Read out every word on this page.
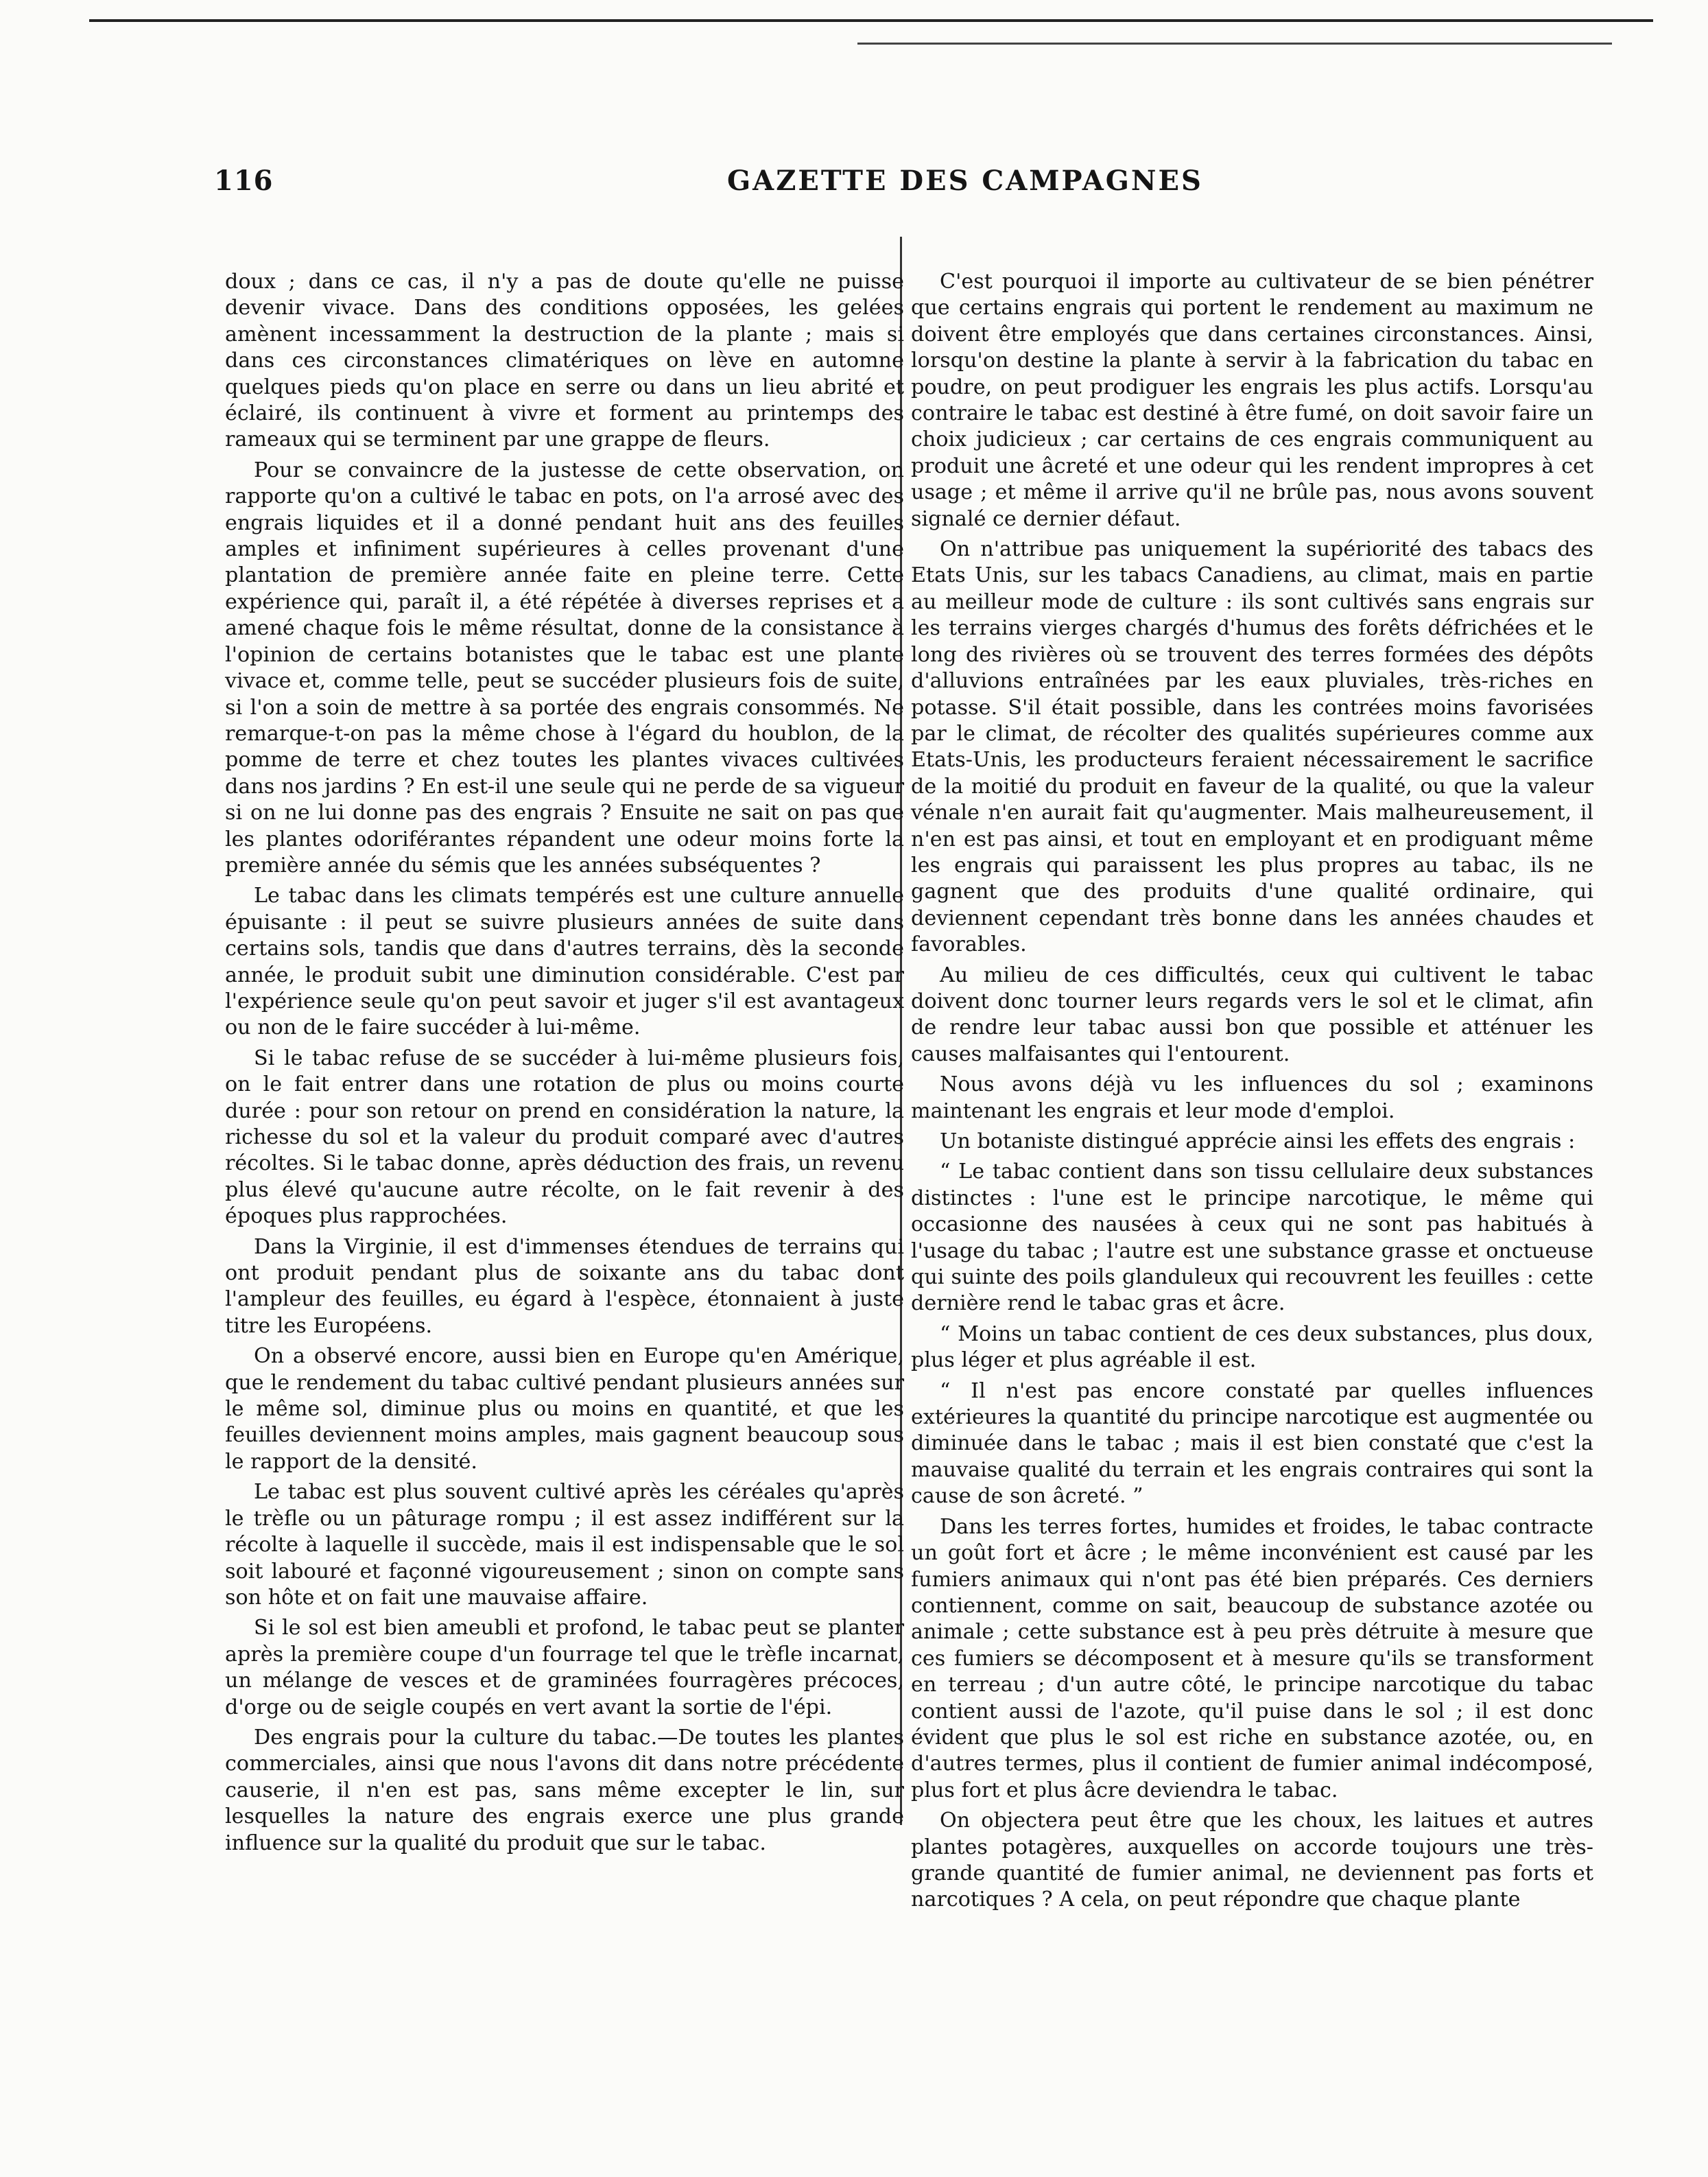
116	GAZETTE DES CAMPAGNES

doux ; dans ce cas, il n'y a pas de doute qu'elle ne puisse devenir vivace. Dans des conditions opposées, les gelées amènent incessamment la destruction de la plante ; mais si dans ces circonstances climatériques on lève en automne quelques pieds qu'on place en serre ou dans un lieu abrité et éclairé, ils continuent à vivre et forment au printemps des rameaux qui se terminent par une grappe de fleurs.

Pour se convaincre de la justesse de cette observation, on rapporte qu'on a cultivé le tabac en pots, on l'a arrosé avec des engrais liquides et il a donné pendant huit ans des feuilles amples et infiniment supérieures à celles provenant d'une plantation de première année faite en pleine terre. Cette expérience qui, paraît il, a été répétée à diverses reprises et a amené chaque fois le même résultat, donne de la consistance à l'opinion de certains botanistes que le tabac est une plante vivace et, comme telle, peut se succéder plusieurs fois de suite, si l'on a soin de mettre à sa portée des engrais consommés. Ne remarque-t-on pas la même chose à l'égard du houblon, de la pomme de terre et chez toutes les plantes vivaces cultivées dans nos jardins ? En est-il une seule qui ne perde de sa vigueur si on ne lui donne pas des engrais ? Ensuite ne sait on pas que les plantes odoriférantes répandent une odeur moins forte la première année du sémis que les années subséquentes ?

Le tabac dans les climats tempérés est une culture annuelle épuisante : il peut se suivre plusieurs années de suite dans certains sols, tandis que dans d'autres terrains, dès la seconde année, le produit subit une diminution considérable. C'est par l'expérience seule qu'on peut savoir et juger s'il est avantageux ou non de le faire succéder à lui-même.

Si le tabac refuse de se succéder à lui-même plusieurs fois, on le fait entrer dans une rotation de plus ou moins courte durée : pour son retour on prend en considération la nature, la richesse du sol et la valeur du produit comparé avec d'autres récoltes. Si le tabac donne, après déduction des frais, un revenu plus élevé qu'aucune autre récolte, on le fait revenir à des époques plus rapprochées.

Dans la Virginie, il est d'immenses étendues de terrains qui ont produit pendant plus de soixante ans du tabac dont l'ampleur des feuilles, eu égard à l'espèce, étonnaient à juste titre les Européens.

On a observé encore, aussi bien en Europe qu'en Amérique, que le rendement du tabac cultivé pendant plusieurs années sur le même sol, diminue plus ou moins en quantité, et que les feuilles deviennent moins amples, mais gagnent beaucoup sous le rapport de la densité.

Le tabac est plus souvent cultivé après les céréales qu'après le trèfle ou un pâturage rompu ; il est assez indifférent sur la récolte à laquelle il succède, mais il est indispensable que le sol soit labouré et façonné vigoureusement ; sinon on compte sans son hôte et on fait une mauvaise affaire.

Si le sol est bien ameubli et profond, le tabac peut se planter après la première coupe d'un fourrage tel que le trèfle incarnat, un mélange de vesces et de graminées fourragères précoces, d'orge ou de seigle coupés en vert avant la sortie de l'épi.

Des engrais pour la culture du tabac.—De toutes les plantes commerciales, ainsi que nous l'avons dit dans notre précédente causerie, il n'en est pas, sans même excepter le lin, sur lesquelles la nature des engrais exerce une plus grande influence sur la qualité du produit que sur le tabac.

C'est pourquoi il importe au cultivateur de se bien pénétrer que certains engrais qui portent le rendement au maximum ne doivent être employés que dans certaines circonstances. Ainsi, lorsqu'on destine la plante à servir à la fabrication du tabac en poudre, on peut prodiguer les engrais les plus actifs. Lorsqu'au contraire le tabac est destiné à être fumé, on doit savoir faire un choix judicieux ; car certains de ces engrais communiquent au produit une âcreté et une odeur qui les rendent impropres à cet usage ; et même il arrive qu'il ne brûle pas, nous avons souvent signalé ce dernier défaut.

On n'attribue pas uniquement la supériorité des tabacs des Etats Unis, sur les tabacs Canadiens, au climat, mais en partie au meilleur mode de culture : ils sont cultivés sans engrais sur les terrains vierges chargés d'humus des forêts défrichées et le long des rivières où se trouvent des terres formées des dépôts d'alluvions entraînées par les eaux pluviales, très-riches en potasse. S'il était possible, dans les contrées moins favorisées par le climat, de récolter des qualités supérieures comme aux Etats-Unis, les producteurs feraient nécessairement le sacrifice de la moitié du produit en faveur de la qualité, ou que la valeur vénale n'en aurait fait qu'augmenter. Mais malheureusement, il n'en est pas ainsi, et tout en employant et en prodiguant même les engrais qui paraissent les plus propres au tabac, ils ne gagnent que des produits d'une qualité ordinaire, qui deviennent cependant très bonne dans les années chaudes et favorables.

Au milieu de ces difficultés, ceux qui cultivent le tabac doivent donc tourner leurs regards vers le sol et le climat, afin de rendre leur tabac aussi bon que possible et atténuer les causes malfaisantes qui l'entourent.

Nous avons déjà vu les influences du sol ; examinons maintenant les engrais et leur mode d'emploi.

Un botaniste distingué apprécie ainsi les effets des engrais :

“ Le tabac contient dans son tissu cellulaire deux substances distinctes : l'une est le principe narcotique, le même qui occasionne des nausées à ceux qui ne sont pas habitués à l'usage du tabac ; l'autre est une substance grasse et onctueuse qui suinte des poils glanduleux qui recouvrent les feuilles : cette dernière rend le tabac gras et âcre.

“ Moins un tabac contient de ces deux substances, plus doux, plus léger et plus agréable il est.

“ Il n'est pas encore constaté par quelles influences extérieures la quantité du principe narcotique est augmentée ou diminuée dans le tabac ; mais il est bien constaté que c'est la mauvaise qualité du terrain et les engrais contraires qui sont la cause de son âcreté. ”

Dans les terres fortes, humides et froides, le tabac contracte un goût fort et âcre ; le même inconvénient est causé par les fumiers animaux qui n'ont pas été bien préparés. Ces derniers contiennent, comme on sait, beaucoup de substance azotée ou animale ; cette substance est à peu près détruite à mesure que ces fumiers se décomposent et à mesure qu'ils se transforment en terreau ; d'un autre côté, le principe narcotique du tabac contient aussi de l'azote, qu'il puise dans le sol ; il est donc évident que plus le sol est riche en substance azotée, ou, en d'autres termes, plus il contient de fumier animal indécomposé, plus fort et plus âcre deviendra le tabac.

On objectera peut être que les choux, les laitues et autres plantes potagères, auxquelles on accorde toujours une très-grande quantité de fumier animal, ne deviennent pas forts et narcotiques ? A cela, on peut répondre que chaque plante
